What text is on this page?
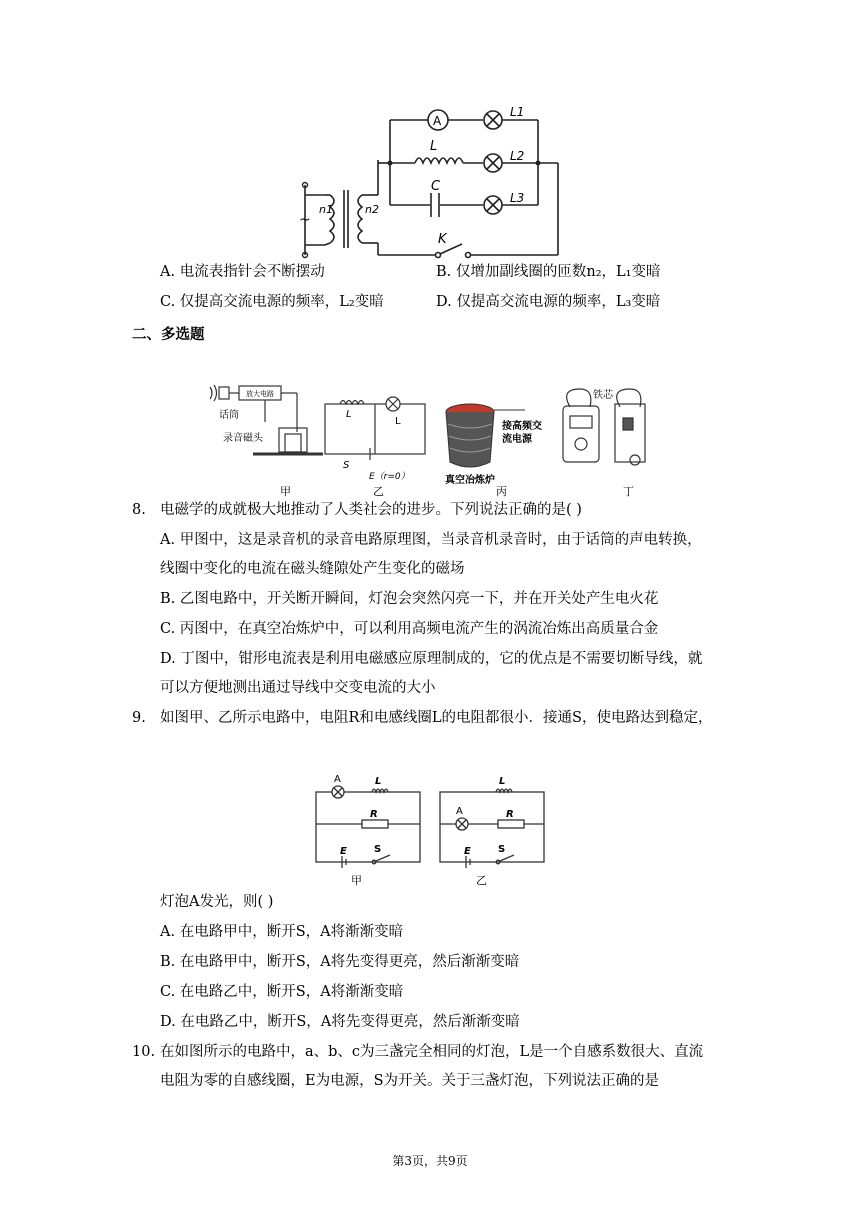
~
n1	n2
A
L1
L2
L3
L
C
K
A. 电流表指针会不断摆动	B. 仅增加副线圈的匝数n₂，L₁变暗
C. 仅提高交流电源的频率，L₂变暗	D. 仅提高交流电源的频率，L₃变暗
二、多选题
放大电路
话筒
录音磁头
L
L
S
E（r=0）
接高频交
流电源
真空冶炼炉
铁芯
甲	乙	丙	丁
8. 电磁学的成就极大地推动了人类社会的进步。下列说法正确的是( )
A. 甲图中，这是录音机的录音电路原理图，当录音机录音时，由于话筒的声电转换，
线圈中变化的电流在磁头缝隙处产生变化的磁场
B. 乙图电路中，开关断开瞬间，灯泡会突然闪亮一下，并在开关处产生电火花
C. 丙图中，在真空冶炼炉中，可以利用高频电流产生的涡流冶炼出高质量合金
D. 丁图中，钳形电流表是利用电磁感应原理制成的，它的优点是不需要切断导线，就
可以方便地测出通过导线中交变电流的大小
9. 如图甲、乙所示电路中，电阻R和电感线圈L的电阻都很小．接通S，使电路达到稳定，
A	L
R
E	S
甲
L
A	R
E	S
乙
灯泡A发光，则( )
A. 在电路甲中，断开S，A将渐渐变暗
B. 在电路甲中，断开S，A将先变得更亮，然后渐渐变暗
C. 在电路乙中，断开S，A将渐渐变暗
D. 在电路乙中，断开S，A将先变得更亮，然后渐渐变暗
10. 在如图所示的电路中，a、b、c为三盏完全相同的灯泡，L是一个自感系数很大、直流
电阻为零的自感线圈，E为电源，S为开关。关于三盏灯泡，下列说法正确的是
第3页，共9页
